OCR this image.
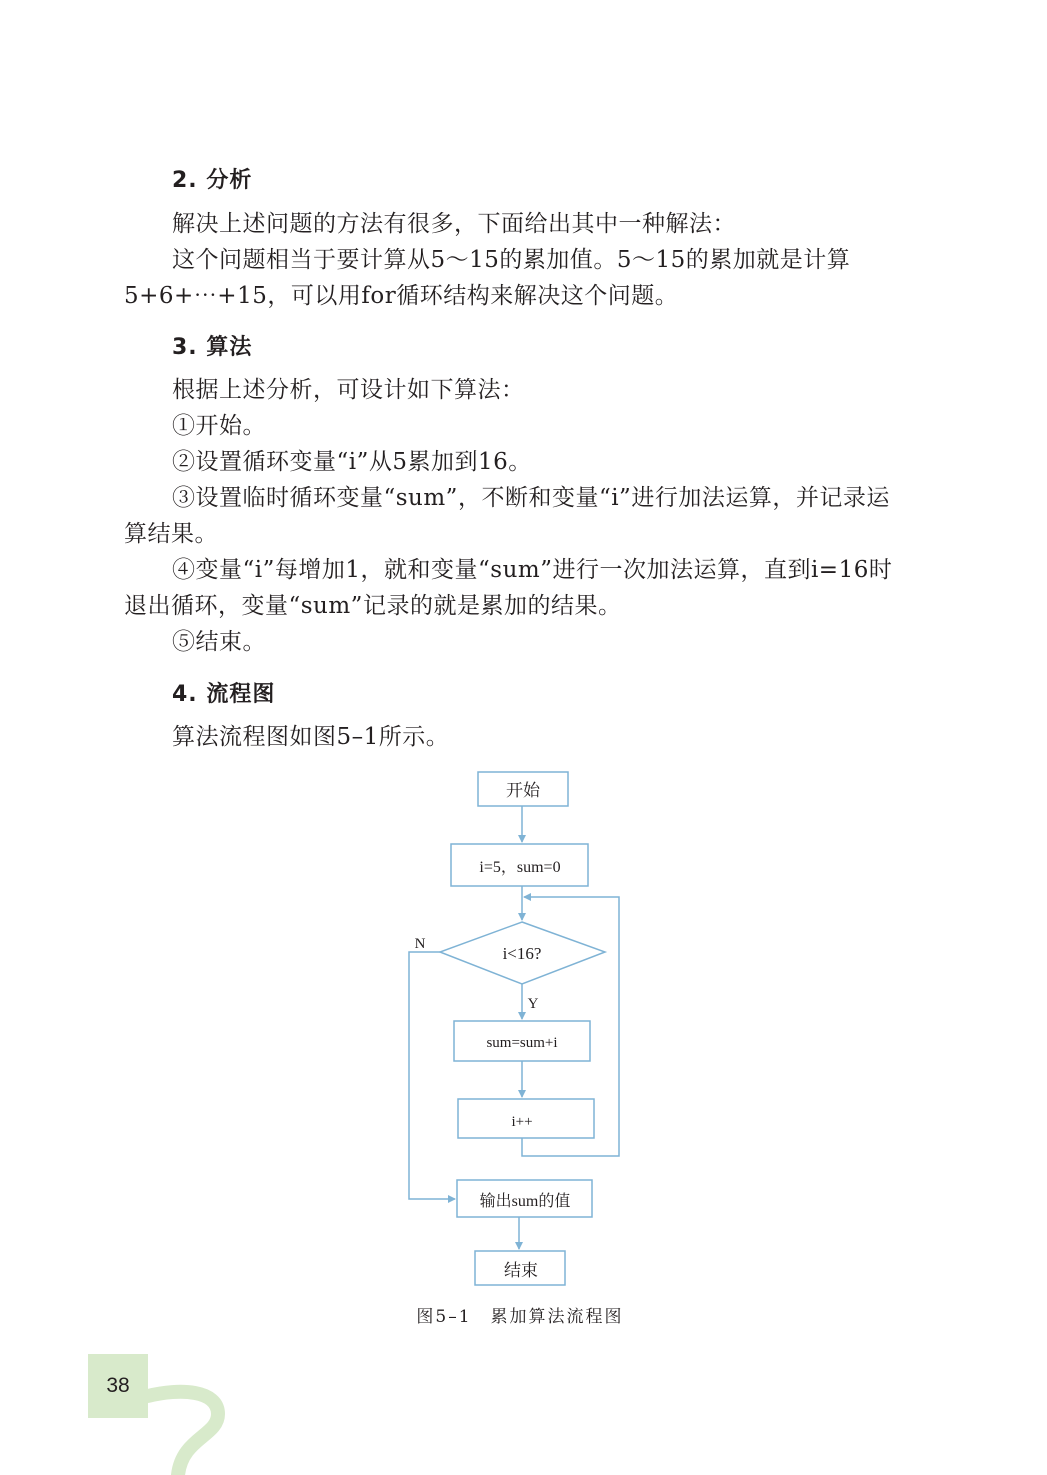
2. 分析

解决上述问题的方法有很多，下面给出其中一种解法：

这个问题相当于要计算从5～15的累加值。5～15的累加就是计算5+6+⋯+15，可以用for循环结构来解决这个问题。

3. 算法

根据上述分析，可设计如下算法：

①开始。

②设置循环变量“i”从5累加到16。

③设置临时循环变量“sum”，不断和变量“i”进行加法运算，并记录运算结果。

④变量“i”每增加1，就和变量“sum”进行一次加法运算，直到i=16时退出循环，变量“sum”记录的就是累加的结果。

⑤结束。

4. 流程图

算法流程图如图5–1所示。

开始
i=5，sum=0
i<16?
sum=sum+i
i++
输出sum的值
结束
Y
N
图5–1　累加算法流程图
38
